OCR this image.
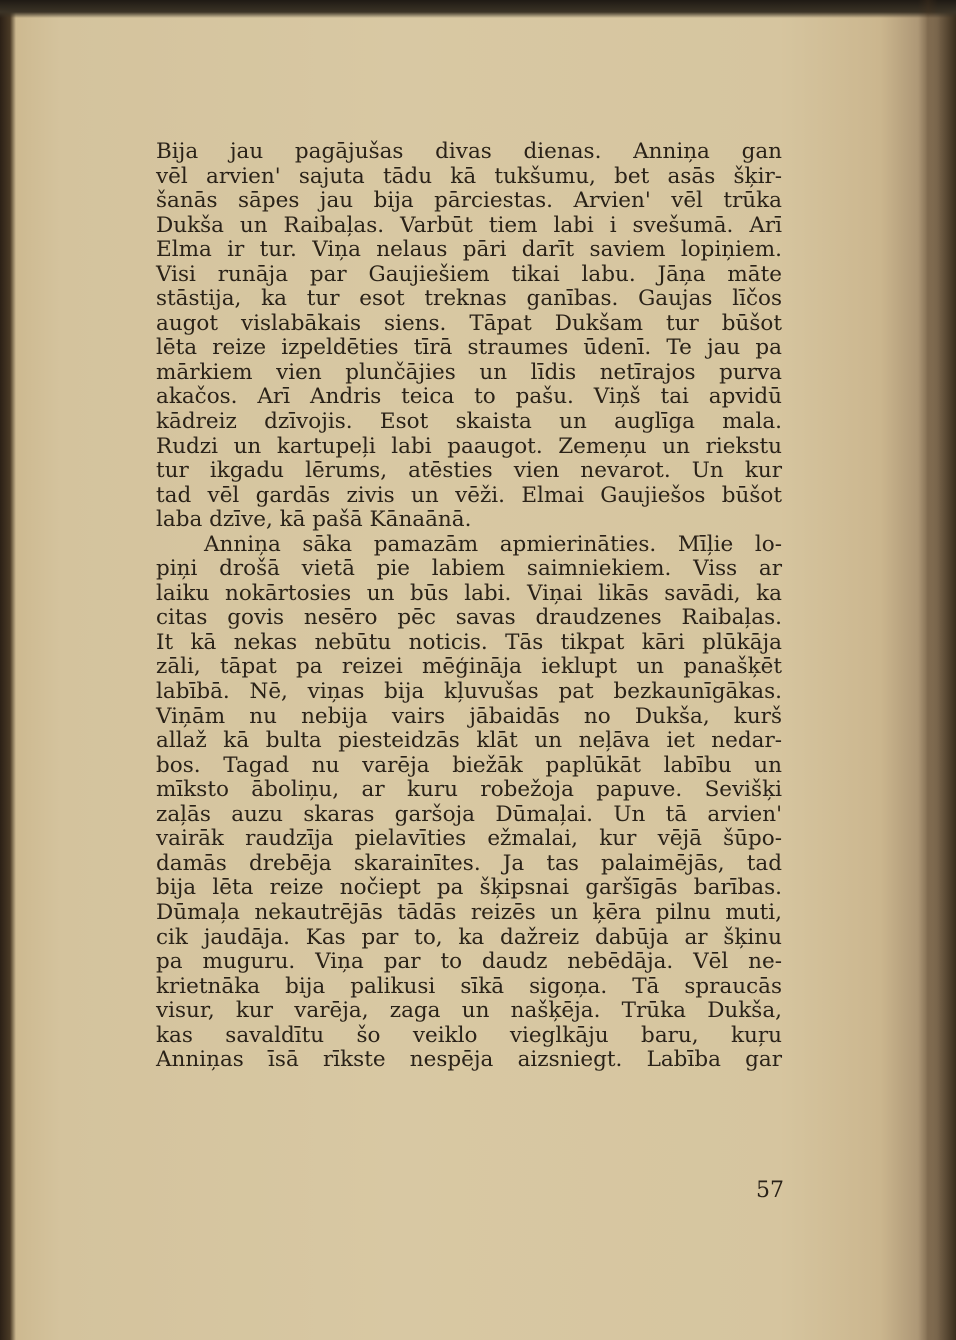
Bija jau pagājušas divas dienas. Anniņa gan
vēl arvien' sajuta tādu kā tukšumu, bet asās šķir-
šanās sāpes jau bija pārciestas. Arvien' vēl trūka
Dukša un Raibaļas. Varbūt tiem labi i svešumā. Arī
Elma ir tur. Viņa nelaus pāri darīt saviem lopiņiem.
Visi runāja par Gaujiešiem tikai labu. Jāņa māte
stāstija, ka tur esot treknas ganības. Gaujas līčos
augot vislabākais siens. Tāpat Dukšam tur būšot
lēta reize izpeldēties tīrā straumes ūdenī. Te jau pa
mārkiem vien plunčājies un līdis netīrajos purva
akačos. Arī Andris teica to pašu. Viņš tai apvidū
kādreiz dzīvojis. Esot skaista un auglīga mala.
Rudzi un kartupeļi labi paaugot. Zemeņu un riekstu
tur ikgadu lērums, atēsties vien nevarot. Un kur
tad vēl gardās zivis un vēži. Elmai Gaujiešos būšot
laba dzīve, kā pašā Kānaānā.
Anniņa sāka pamazām apmierināties. Mīļie lo-
piņi drošā vietā pie labiem saimniekiem. Viss ar
laiku nokārtosies un būs labi. Viņai likās savādi, ka
citas govis nesēro pēc savas draudzenes Raibaļas.
It kā nekas nebūtu noticis. Tās tikpat kāri plūkāja
zāli, tāpat pa reizei mēģināja ieklupt un panašķēt
labībā. Nē, viņas bija kļuvušas pat bezkaunīgākas.
Viņām nu nebija vairs jābaidās no Dukša, kurš
allaž kā bulta piesteidzās klāt un neļāva iet nedar-
bos. Tagad nu varēja biežāk paplūkāt labību un
mīksto āboliņu, ar kuru robežoja papuve. Sevišķi
zaļās auzu skaras garšoja Dūmaļai. Un tā arvien'
vairāk raudzīja pielavīties ežmalai, kur vējā šūpo-
damās drebēja skarainītes. Ja tas palaimējās, tad
bija lēta reize nočiept pa šķipsnai garšīgās barības.
Dūmaļa nekautrējās tādās reizēs un ķēra pilnu muti,
cik jaudāja. Kas par to, ka dažreiz dabūja ar šķinu
pa muguru. Viņa par to daudz nebēdāja. Vēl ne-
krietnāka bija palikusi sīkā sigoņa. Tā spraucās
visur, kur varēja, zaga un našķēja. Trūka Dukša,
kas savaldītu šo veiklo vieglkāju baru, kuŗu
Anniņas īsā rīkste nespēja aizsniegt. Labība gar
57
